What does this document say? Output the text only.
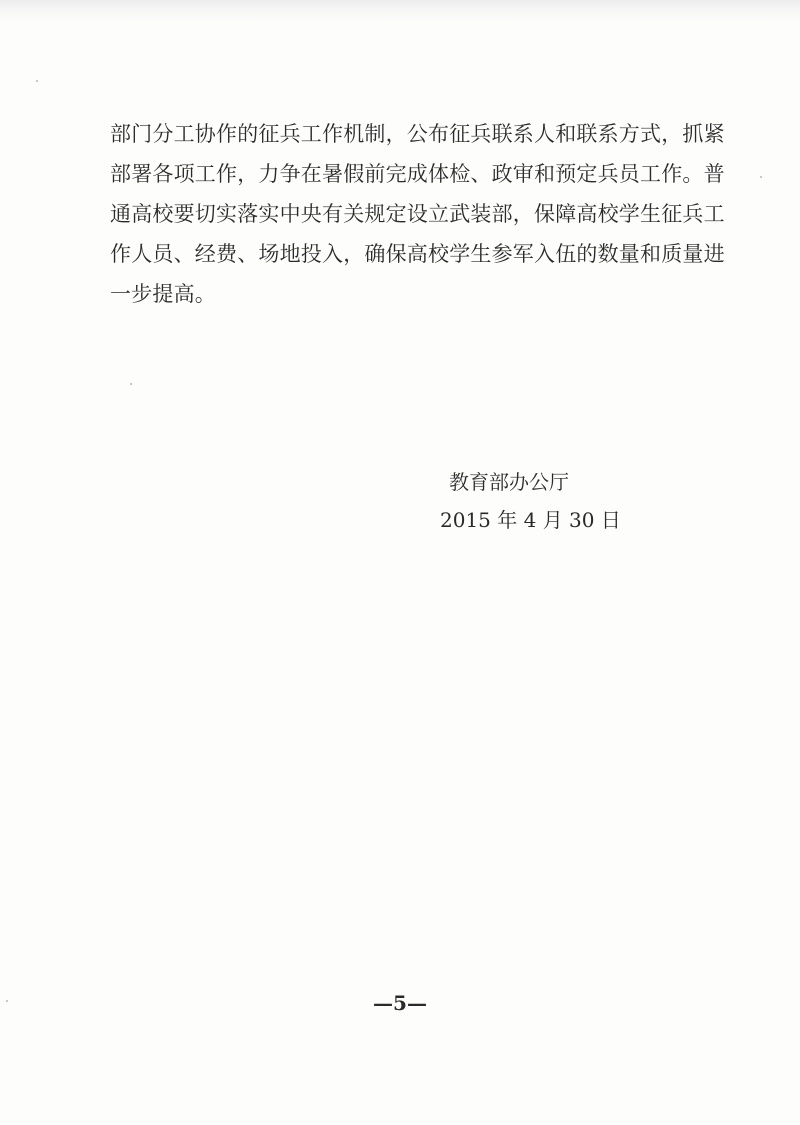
部门分工协作的征兵工作机制，公布征兵联系人和联系方式，抓紧
部署各项工作，力争在暑假前完成体检、政审和预定兵员工作。普
通高校要切实落实中央有关规定设立武装部，保障高校学生征兵工
作人员、经费、场地投入，确保高校学生参军入伍的数量和质量进
一步提高。
教育部办公厅
2015 年 4 月 30 日
—5—
